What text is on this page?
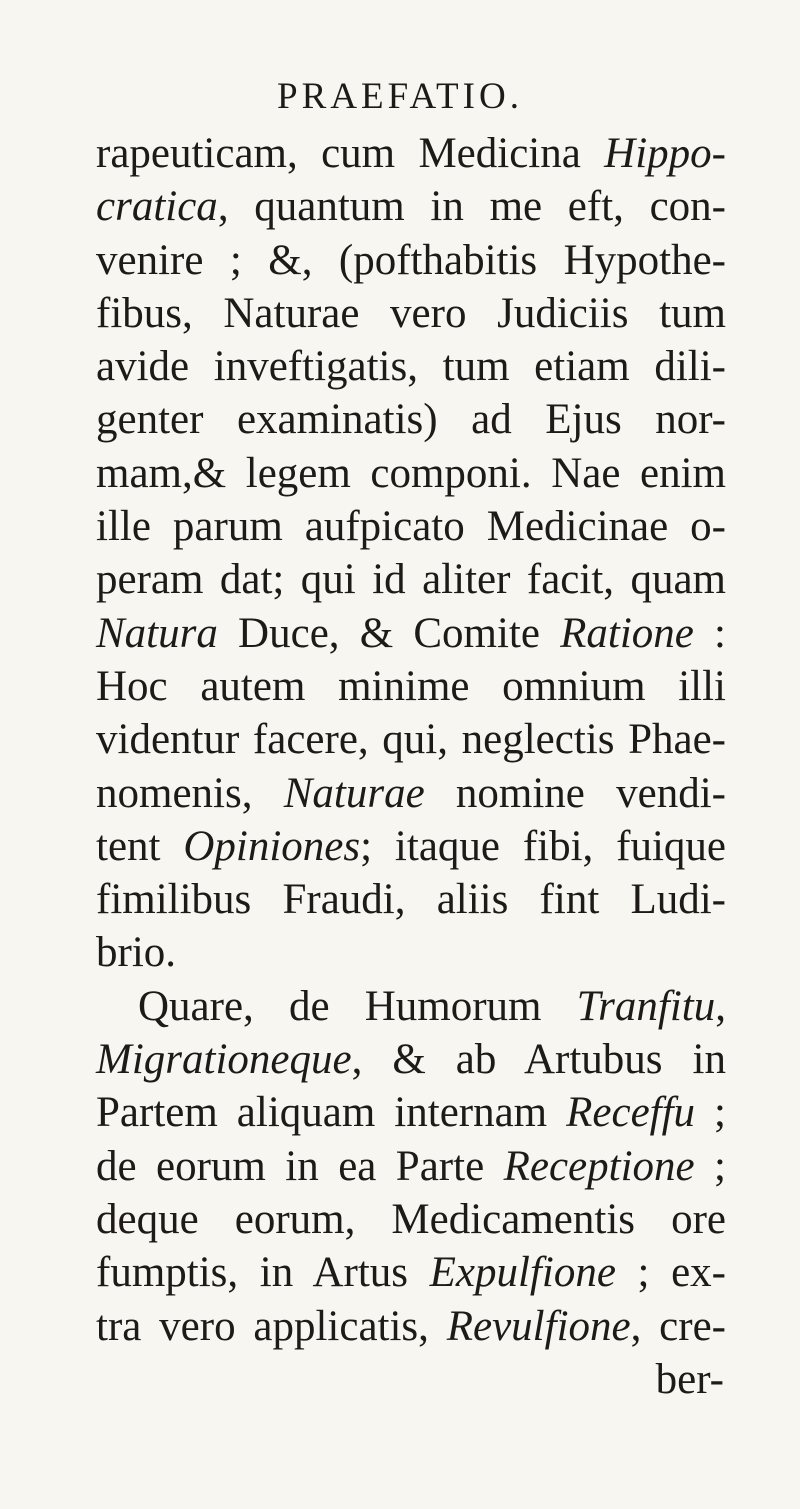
PRAEFATIO.
rapeuticam, cum Medicina Hippo-
cratica, quantum in me eft, con-
venire ; &, (pofthabitis Hypothe-
fibus, Naturae vero Judiciis tum
avide inveftigatis, tum etiam dili-
genter examinatis) ad Ejus nor-
mam,& legem componi. Nae enim
ille parum aufpicato Medicinae o-
peram dat; qui id aliter facit, quam
Natura Duce, & Comite Ratione :
Hoc autem minime omnium illi
videntur facere, qui, neglectis Phae-
nomenis, Naturae nomine vendi-
tent Opiniones; itaque fibi, fuique
fimilibus Fraudi, aliis fint Ludi-
brio.
Quare, de Humorum Tranfitu,
Migrationeque, & ab Artubus in
Partem aliquam internam Receffu ;
de eorum in ea Parte Receptione ;
deque eorum, Medicamentis ore
fumptis, in Artus Expulfione ; ex-
tra vero applicatis, Revulfione, cre-
ber-
